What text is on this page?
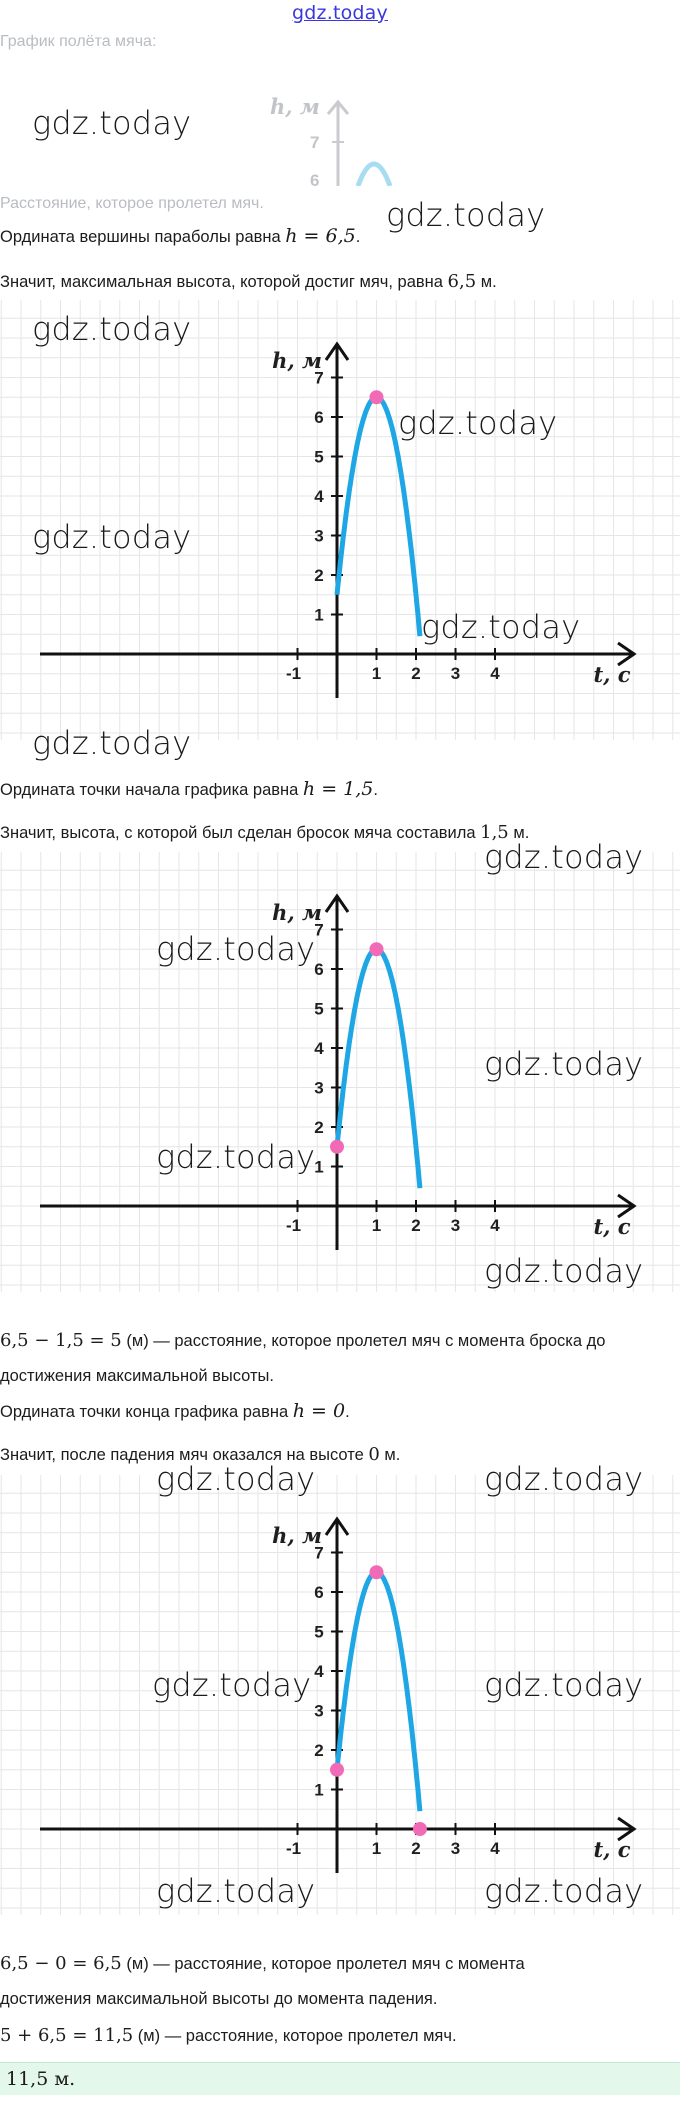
gdz.today
График полёта мяча:
h, м
7
6
Расстояние, которое пролетел мяч.
Ордината вершины параболы равна h = 6,5.
Значит, максимальная высота, которой достиг мяч, равна 6,5 м.
-1	1 2 3 4
1
2
3
4
5
6
7
t, с
h, м
Ордината точки начала графика равна h = 1,5.
Значит, высота, с которой был сделан бросок мяча составила 1,5 м.
-1	1 2 3 4
1
2
3
4
5
6
7
t, с
h, м
6,5 − 1,5 = 5 (м) — расстояние, которое пролетел мяч с момента броска до
достижения максимальной высоты.
Ордината точки конца графика равна h = 0.
Значит, после падения мяч оказался на высоте 0 м.
-1	1 2 3 4
1
2
3
4
5
6
7
t, с
h, м
6,5 − 0 = 6,5 (м) — расстояние, которое пролетел мяч с момента
достижения максимальной высоты до момента падения.
5 + 6,5 = 11,5 (м) — расстояние, которое пролетел мяч.
11,5 м.
gdz.today
gdz.today
gdz.today
gdz.today
gdz.today
gdz.today
gdz.today
gdz.today
gdz.today
gdz.today
gdz.today
gdz.today
gdz.today	gdz.today
gdz.today	gdz.today
gdz.today	gdz.today
